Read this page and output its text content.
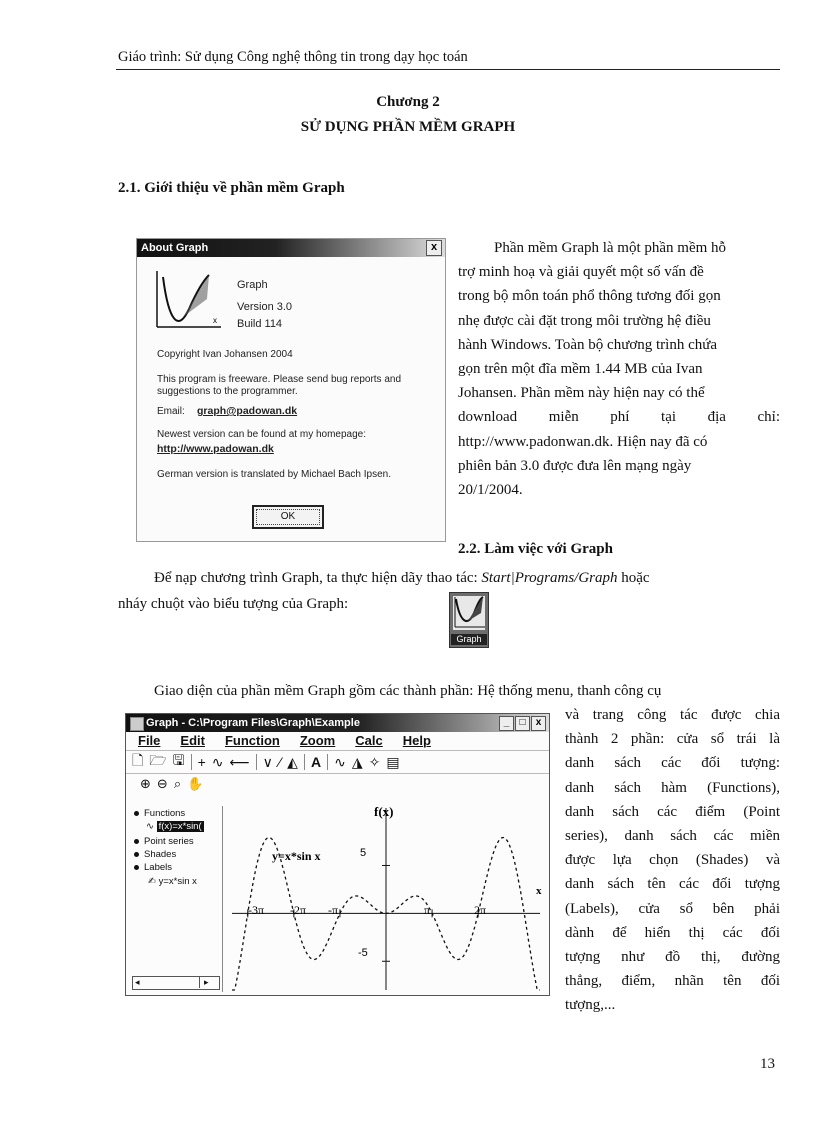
Giáo trình: Sử dụng Công nghệ thông tin trong dạy học toán
Chương 2
SỬ DỤNG PHẦN MỀM GRAPH
2.1. Giới thiệu về phần mềm Graph
About Graph	x
x
Graph
Version 3.0
Build 114
Copyright Ivan Johansen 2004
This program is freeware. Please send bug reports and
suggestions to the programmer.
Email: graph@padowan.dk
Newest version can be found at my homepage:
http://www.padowan.dk
German version is translated by Michael Bach Ipsen.
OK
Phần mềm Graph là một phần mềm hỗ
trợ minh hoạ và giải quyết một số vấn đề
trong bộ môn toán phổ thông tương đối gọn
nhẹ được cài đặt trong môi trường hệ điều
hành Windows. Toàn bộ chương trình chứa
gọn trên một đĩa mềm 1.44 MB của Ivan
Johansen. Phần mềm này hiện nay có thể
download miễn phí tại địa chỉ:
http://www.padonwan.dk. Hiện nay đã có
phiên bản 3.0 được đưa lên mạng ngày
20/1/2004.
2.2. Làm việc với Graph
Để nạp chương trình Graph, ta thực hiện dãy thao tác: Start|Programs/Graph hoặc
nháy chuột vào biểu tượng của Graph:
Graph
Giao diện của phần mềm Graph gồm các thành phần: Hệ thống menu, thanh công cụ
Graph - C:\Program Files\Graph\Example	_	□	x
File Edit Function Zoom Calc Help
🗋 🗁 🖫 + ∿ ⟵ ∨ ⁄ ◭ A ∿ ◮ ✧ ▤
⊕ ⊖ ⌕ ✋
Functions
∿ f(x)=x*sin(
Point series
Shades
Labels
✍ y=x*sin x
◂	▸
f(x)
x
y=x*sin x
-3π -2π -π	π	2π
5
-5
và trang công tác được chia
thành 2 phần: cửa sổ trái là
danh sách các đối tượng:
danh sách hàm (Functions),
danh sách các điểm (Point
series), danh sách các miền
được lựa chọn (Shades) và
danh sách tên các đối tượng
(Labels), cửa sổ bên phải
dành để hiển thị các đối
tượng như đồ thị, đường
thẳng, điểm, nhãn tên đối
tượng,...
13
